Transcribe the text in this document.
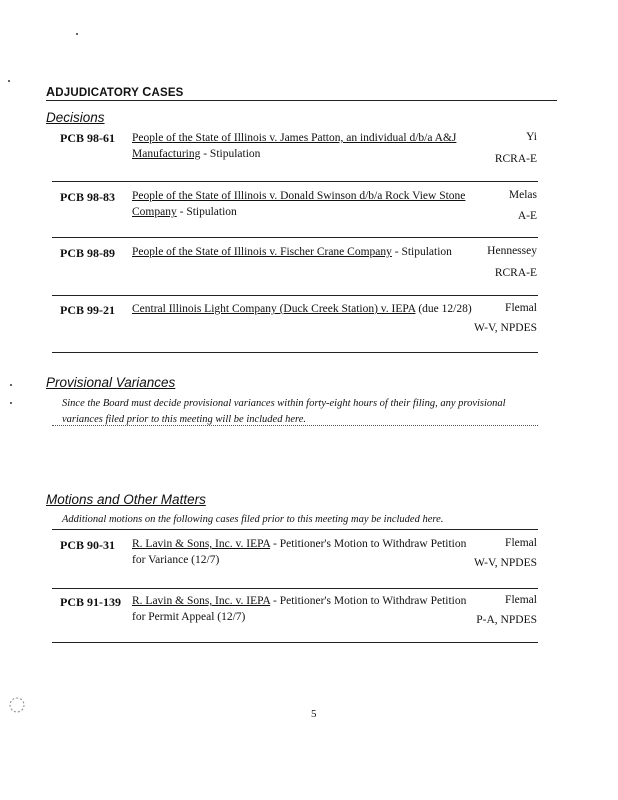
ADJUDICATORY CASES
Decisions
PCB 98-61 People of the State of Illinois v. James Patton, an individual d/b/a A&J Manufacturing - Stipulation
Yi
RCRA-E
PCB 98-83 People of the State of Illinois v. Donald Swinson d/b/a Rock View Stone Company - Stipulation
Melas
A-E
PCB 98-89 People of the State of Illinois v. Fischer Crane Company - Stipulation	Hennessey
RCRA-E
PCB 99-21 Central Illinois Light Company (Duck Creek Station) v. IEPA (due 12/28)	Flemal
W-V, NPDES
Provisional Variances
Since the Board must decide provisional variances within forty-eight hours of their filing, any provisional variances filed prior to this meeting will be included here.
Motions and Other Matters
Additional motions on the following cases filed prior to this meeting may be included here.
PCB 90-31 R. Lavin & Sons, Inc. v. IEPA - Petitioner's Motion to Withdraw Petition for Variance (12/7)
Flemal
W-V, NPDES
PCB 91-139 R. Lavin & Sons, Inc. v. IEPA - Petitioner's Motion to Withdraw Petition for Permit Appeal (12/7)
Flemal
P-A, NPDES
5
